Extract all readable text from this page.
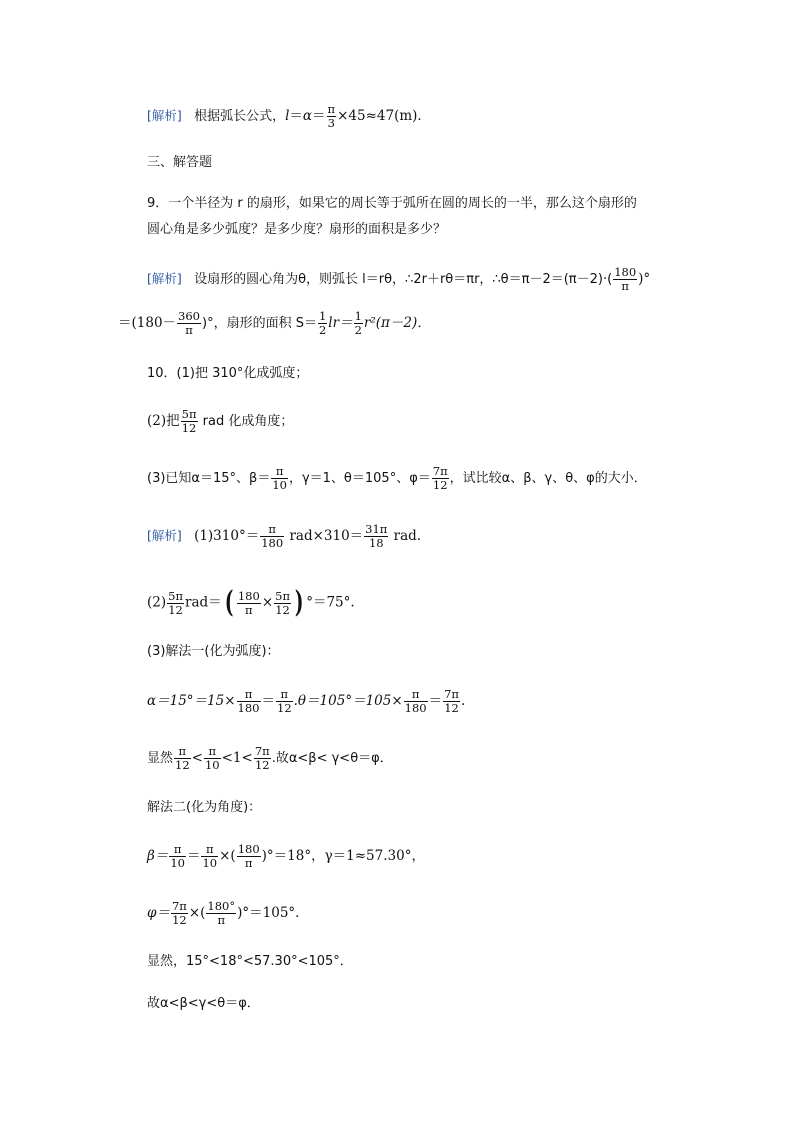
[解析] 根据弧长公式，$l=\alpha= \frac{\pi}{3} \times 45\approx 47(m)$．
三、解答题
9．一个半径为 r 的扇形，如果它的周长等于弧所在圆的周长的一半，那么这个扇形的
圆心角是多少弧度？是多少度？扇形的面积是多少？
[解析] 设扇形的圆心角为θ，则弧长 l＝rθ，∴2r＋rθ＝πr，∴θ＝π－2＝(π－2)·( $\frac{180}{\pi}$ )°
$=(180- \frac{360}{\pi}$ )°，扇形的面积 $S= \frac{1}{2} lr= \frac{1}{2} r^2(\pi-2)$．
10．(1)把 310°化成弧度；
(2)把 $\frac{5\pi}{12}$ rad 化成角度；
(3)已知α＝15°、$\beta= \frac{\pi}{10}$ ，γ＝1、θ＝105°、$\varphi= \frac{7\pi}{12}$ ，试比较α、β、γ、θ、φ的大小．
[解析] $(1)310^\circ= \frac{\pi}{180} rad\times 310= \frac{31\pi}{18}$ rad.
$(2) \frac{5\pi}{12} rad=( \frac{180}{\pi} \times \frac{5\pi}{12}$ ) °＝75°.
(3)解法一(化为弧度)：
$\alpha=15^\circ=15\times \frac{\pi}{180} = \frac{\pi}{12} .\theta=105^\circ=105\times \frac{\pi}{180} = \frac{7\pi}{12}$ .
显然 $\frac{\pi}{12} < \frac{\pi}{10} <1< \frac{7\pi}{12}$ .故α<β< γ<θ＝φ．
解法二(化为角度)：
$\beta= \frac{\pi}{10} = \frac{\pi}{10}$ ×( $\frac{180}{\pi} )^\circ=18^\circ$，γ＝1≈57.30°，
$\varphi= \frac{7\pi}{12}$ ×( $\frac{180^\circ}{\pi} )^\circ=105^\circ$．
显然，15°<18°<57.30°<105°．
故α<β<γ<θ＝φ．
